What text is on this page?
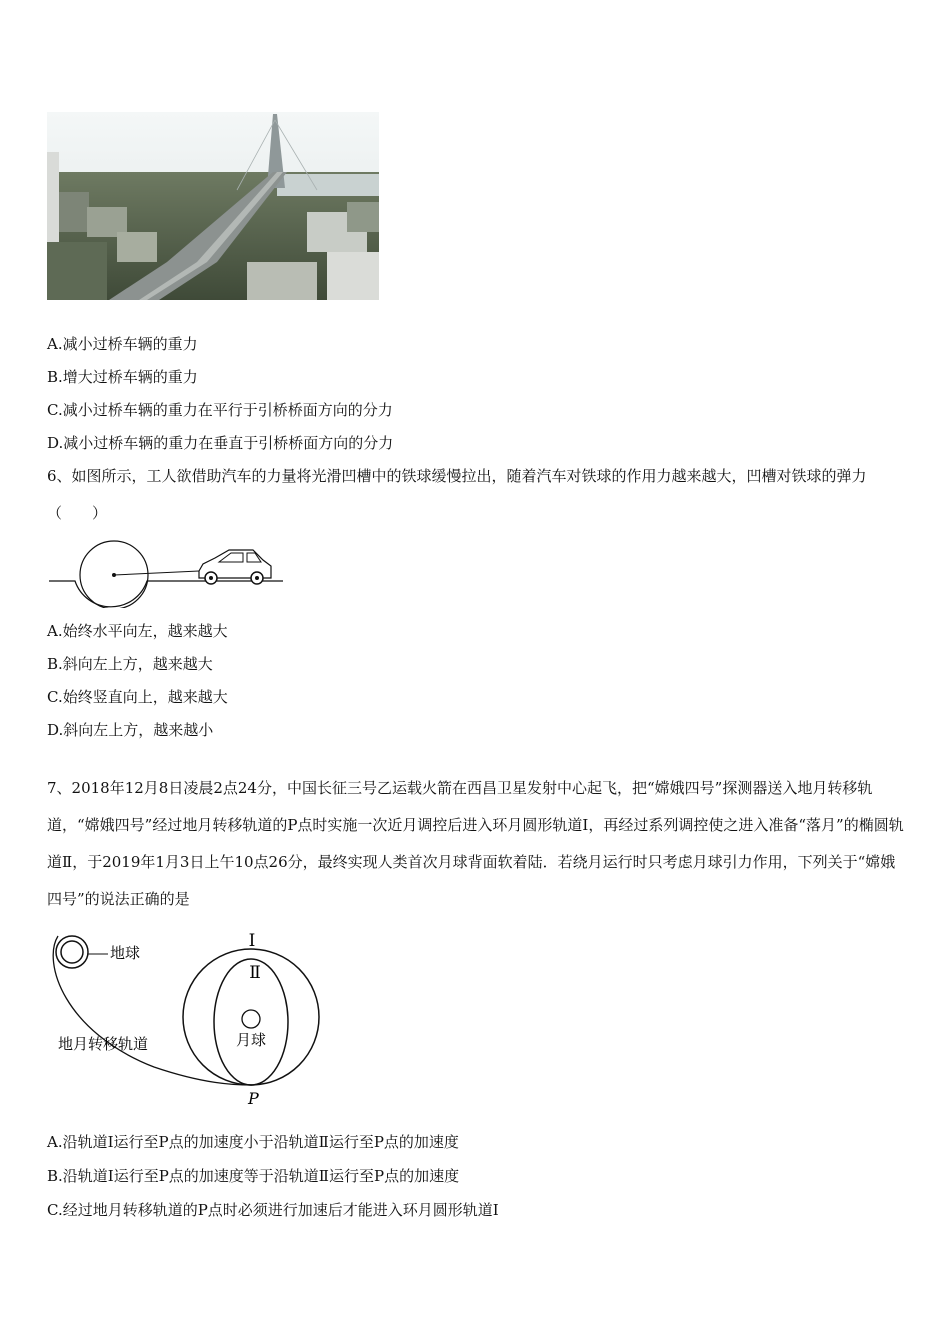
A.减小过桥车辆的重力
B.增大过桥车辆的重力
C.减小过桥车辆的重力在平行于引桥桥面方向的分力
D.减小过桥车辆的重力在垂直于引桥桥面方向的分力
6、如图所示，工人欲借助汽车的力量将光滑凹槽中的铁球缓慢拉出，随着汽车对铁球的作用力越来越大，凹槽对铁球的弹力（　　）
A.始终水平向左，越来越大
B.斜向左上方，越来越大
C.始终竖直向上，越来越大
D.斜向左上方，越来越小
7、2018年12月8日凌晨2点24分，中国长征三号乙运载火箭在西昌卫星发射中心起飞，把“嫦娥四号”探测器送入地月转移轨道，“嫦娥四号”经过地月转移轨道的P点时实施一次近月调控后进入环月圆形轨道I，再经过系列调控使之进入准备“落月”的椭圆轨道Ⅱ，于2019年1月3日上午10点26分，最终实现人类首次月球背面软着陆．若绕月运行时只考虑月球引力作用，下列关于“嫦娥四号”的说法正确的是
地球
I
Ⅱ
月球
地月转移轨道
P
A.沿轨道I运行至P点的加速度小于沿轨道Ⅱ运行至P点的加速度
B.沿轨道I运行至P点的加速度等于沿轨道Ⅱ运行至P点的加速度
C.经过地月转移轨道的P点时必须进行加速后才能进入环月圆形轨道I
